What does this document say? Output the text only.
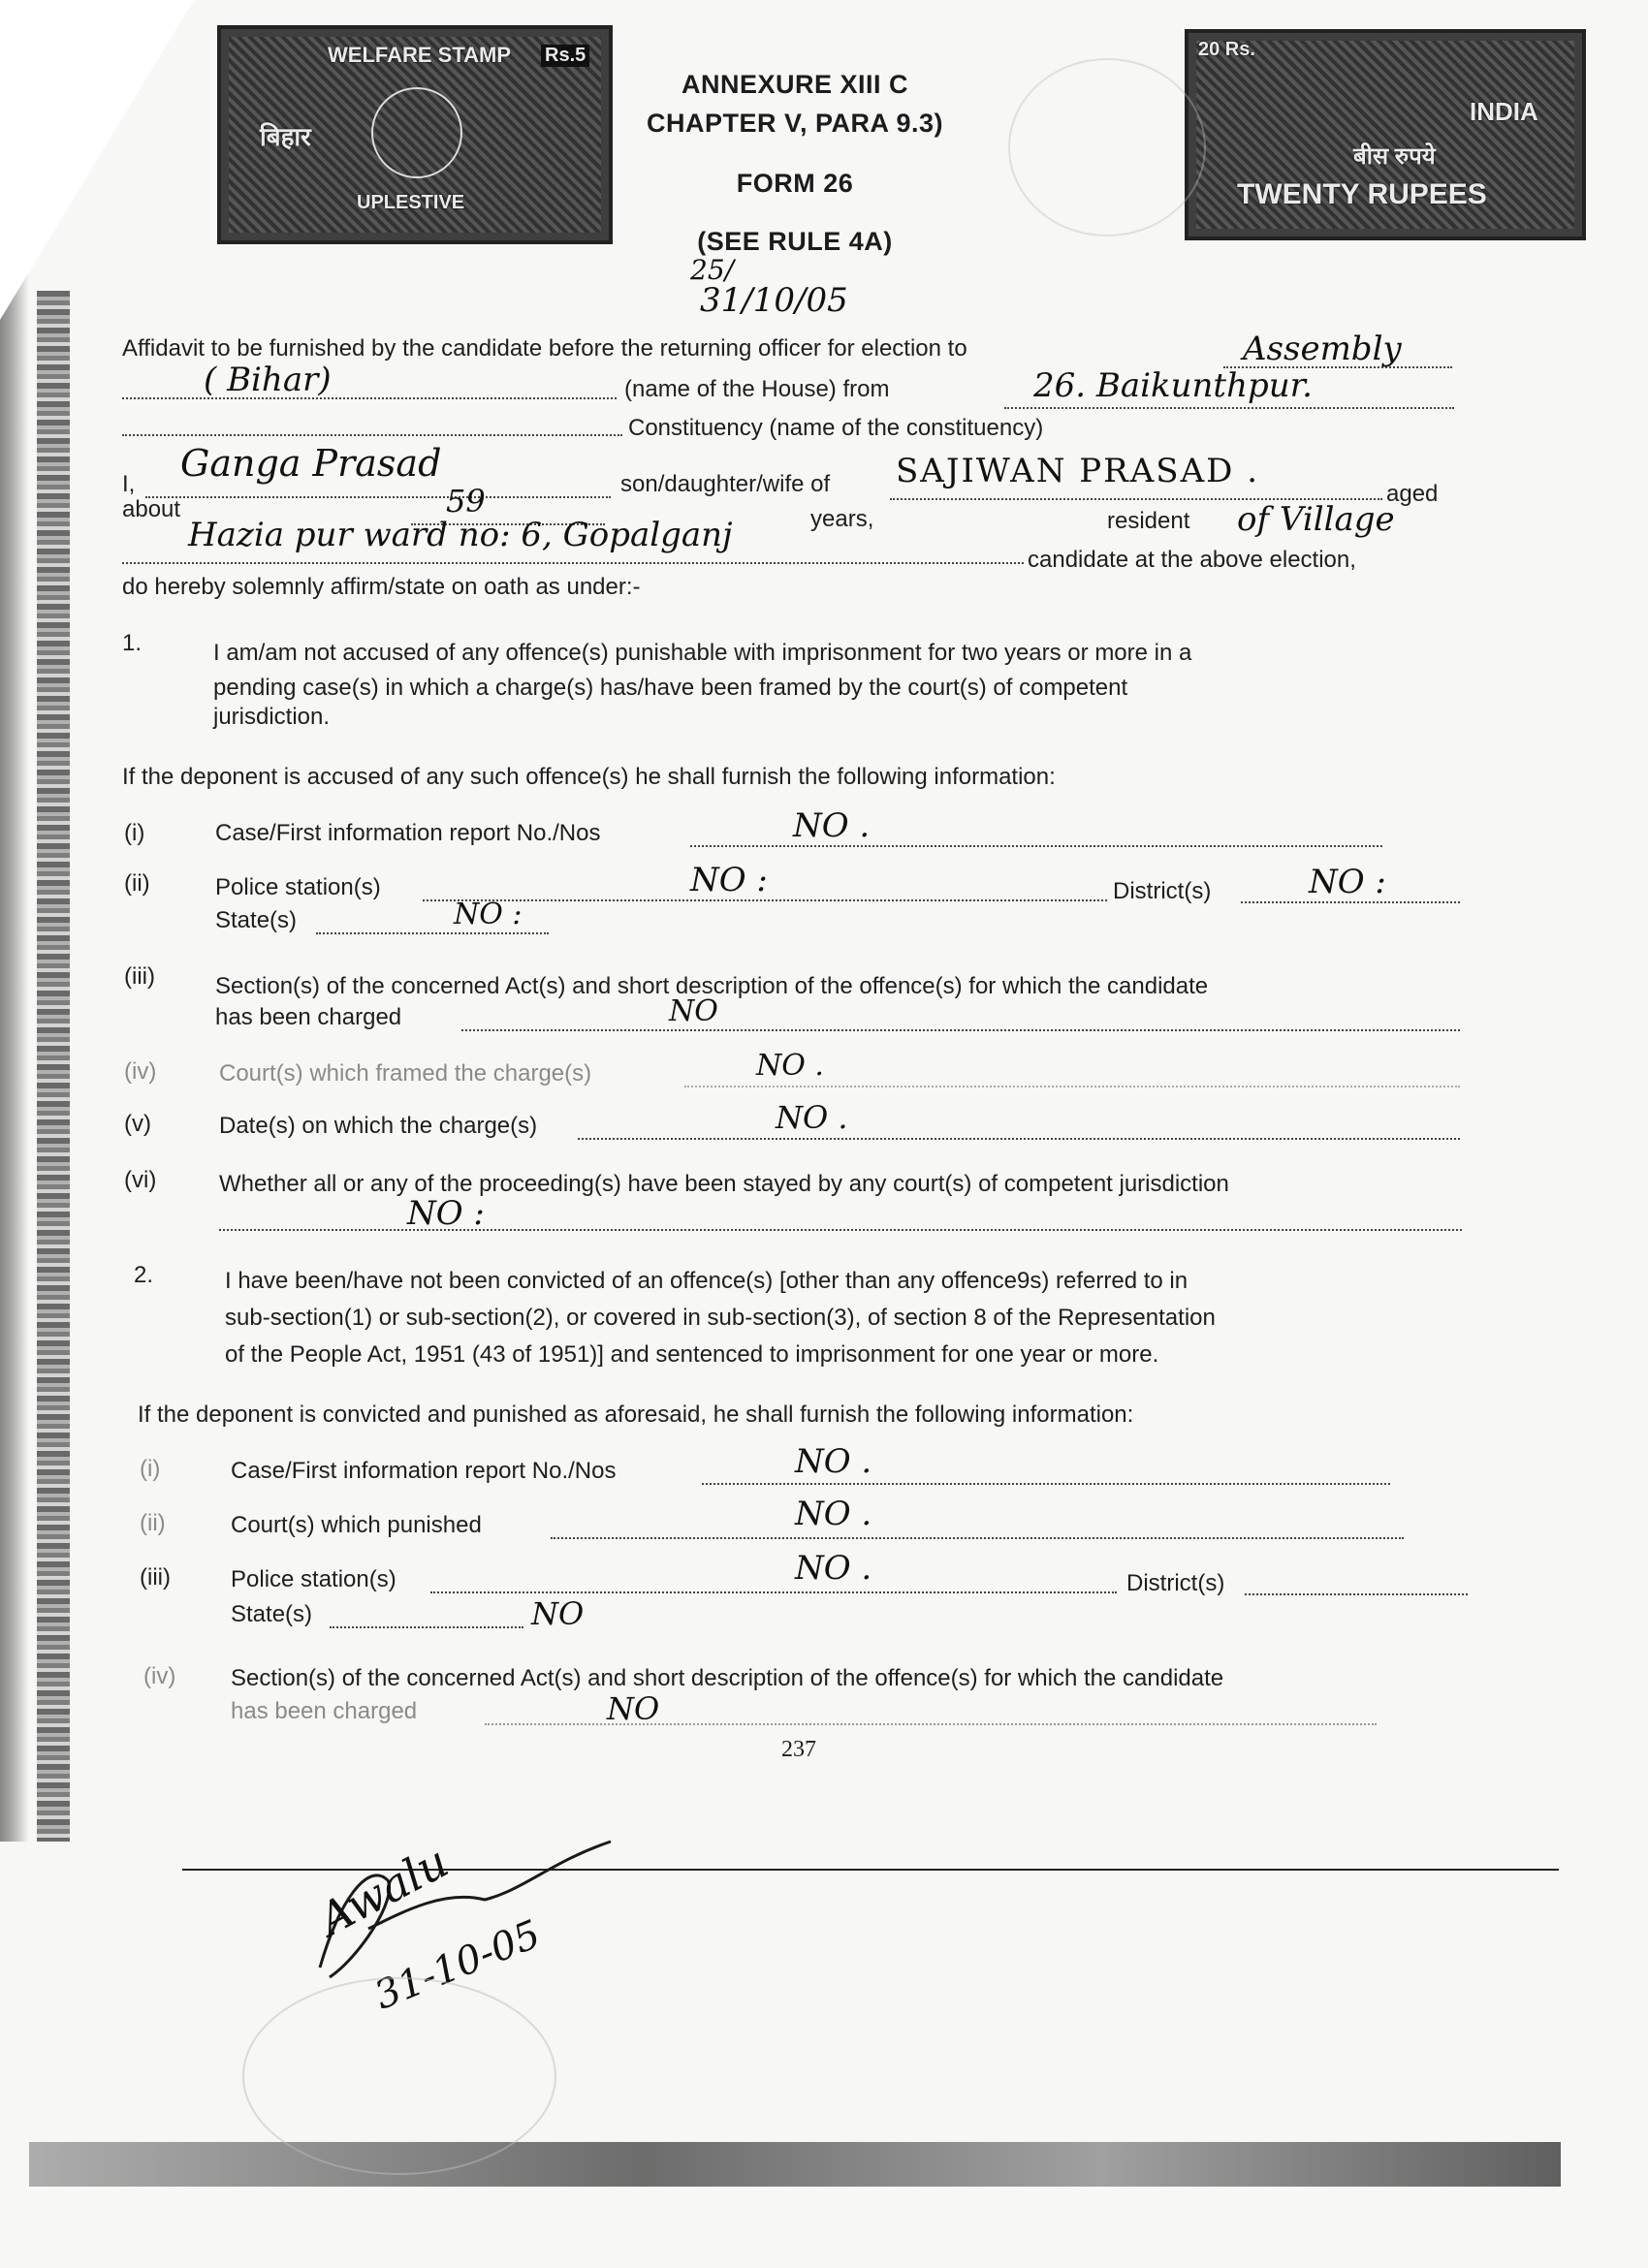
WELFARE STAMP Rs.5
बिहार
UPLESTIVE
20 Rs.
INDIA
बीस रुपये
TWENTY RUPEES
ANNEXURE XIII C
CHAPTER V, PARA 9.3)
FORM 26
(SEE RULE 4A)
25/
31/10/05
Affidavit to be furnished by the candidate before the returning officer for election to	Assembly
( Bihar)	(name of the House) from	26. Baikunthpur.
Constituency (name of the constituency)
I, Ganga Prasad	son/daughter/wife of SAJIWAN PRASAD .
aged
about	59	years,	resident of Village
Hazia pur ward no: 6, Gopalganj
candidate at the above election,
do hereby solemnly affirm/state on oath as under:-
1.	I am/am not accused of any offence(s) punishable with imprisonment for two years or more in a
pending case(s) in which a charge(s) has/have been framed by the court(s) of competent
jurisdiction.
If the deponent is accused of any such offence(s) he shall furnish the following information:
(i)	Case/First information report No./Nos	NO .
(ii)	Police station(s)	NO :	District(s)	NO :
State(s)	NO :
(iii)	Section(s) of the concerned Act(s) and short description of the offence(s) for which the candidate
has been charged	NO
(iv)	Court(s) which framed the charge(s)	NO .
(v)	Date(s) on which the charge(s)	NO .
(vi)	Whether all or any of the proceeding(s) have been stayed by any court(s) of competent jurisdiction
NO :
2.	I have been/have not been convicted of an offence(s) [other than any offence9s) referred to in
sub-section(1) or sub-section(2), or covered in sub-section(3), of section 8 of the Representation
of the People Act, 1951 (43 of 1951)] and sentenced to imprisonment for one year or more.
If the deponent is convicted and punished as aforesaid, he shall furnish the following information:
(i)	Case/First information report No./Nos	NO .
(ii)	Court(s) which punished	NO .
(iii)	Police station(s)	NO .	District(s)
State(s)	NO
(iv) Section(s) of the concerned Act(s) and short description of the offence(s) for which the candidate
has been charged	NO
237
Awalu
31-10-05
